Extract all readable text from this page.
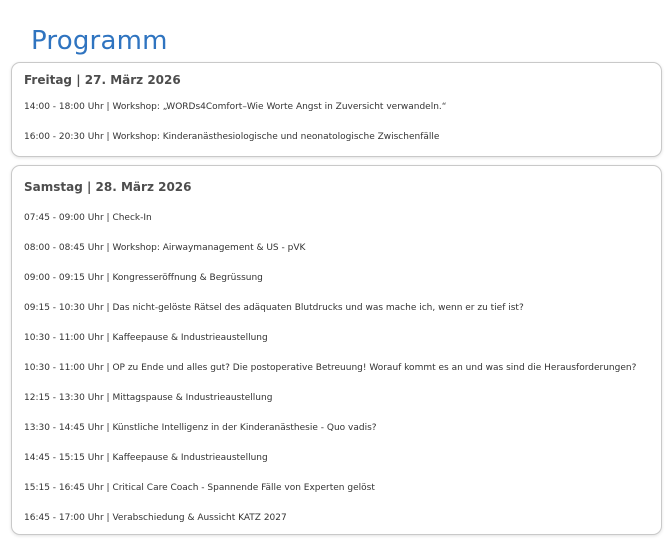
Programm
Freitag | 27. März 2026
14:00 - 18:00 Uhr | Workshop: „WORDs4Comfort–Wie Worte Angst in Zuversicht verwandeln.“
16:00 - 20:30 Uhr | Workshop: Kinderanästhesiologische und neonatologische Zwischenfälle
Samstag | 28. März 2026
07:45 - 09:00 Uhr | Check-In
08:00 - 08:45 Uhr | Workshop: Airwaymanagement & US - pVK
09:00 - 09:15 Uhr | Kongresseröffnung & Begrüssung
09:15 - 10:30 Uhr | Das nicht-gelöste Rätsel des adäquaten Blutdrucks und was mache ich, wenn er zu tief ist?
10:30 - 11:00 Uhr | Kaffeepause & Industrieaustellung
10:30 - 11:00 Uhr | OP zu Ende und alles gut? Die postoperative Betreuung! Worauf kommt es an und was sind die Herausforderungen?
12:15 - 13:30 Uhr | Mittagspause & Industrieaustellung
13:30 - 14:45 Uhr | Künstliche Intelligenz in der Kinderanästhesie - Quo vadis?
14:45 - 15:15 Uhr | Kaffeepause & Industrieaustellung
15:15 - 16:45 Uhr | Critical Care Coach - Spannende Fälle von Experten gelöst
16:45 - 17:00 Uhr | Verabschiedung & Aussicht KATZ 2027
